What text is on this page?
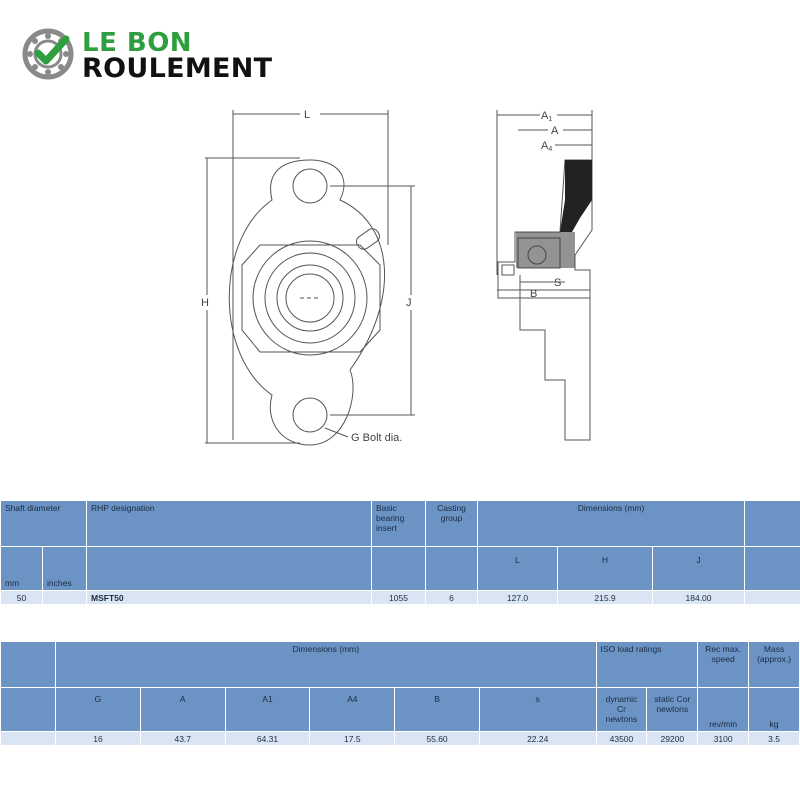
LE BON
ROULEMENT
L
H	J
A1
A
A4
S
B
G Bolt dia.
Shaft diameter		RHP designation	Basic bearing insert	Casting group	Dimensions (mm)			
mm	inches				L	H	J	
50		MSFT50	1055	6	127.0	215.9	184.00	
	Dimensions (mm)						ISO load ratings		Rec max. speed	Mass (approx.)
	G	A	A1	A4	B	s	dynamic Cr newtons	static Cor newtons	rev/min	kg
	16	43.7	64.31	17.5	55.60	22.24	43500	29200	3100	3.5
